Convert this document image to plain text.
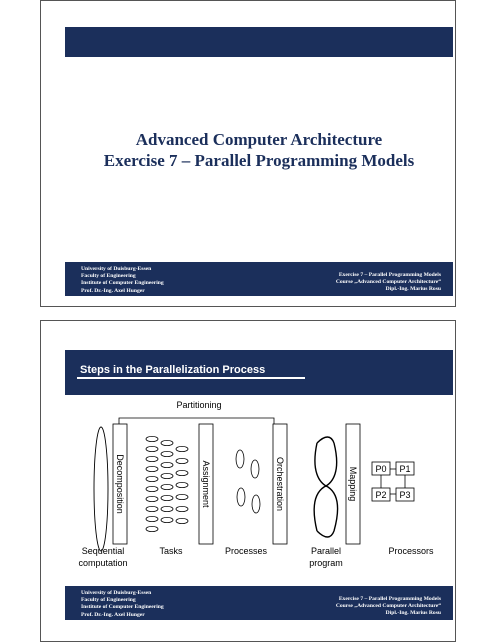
Advanced Computer Architecture
Exercise 7 – Parallel Programming Models
University of Duisburg-Essen
Faculty of Engineering
Institute of Computer Engineering
Prof. Dr.-Ing. Axel Hunger
Exercise 7 – Parallel Programming Models
Course „Advanced Computer Architecture“
Dipl.-Ing. Marius Rosu
Steps in the Parallelization Process
Partitioning
Decomposition	Assignment	Orchestration	Mapping P0 P1
P2 P3
Sequential
computation
Tasks	Processes	Parallel
program
Processors
University of Duisburg-Essen
Faculty of Engineering
Institute of Computer Engineering
Prof. Dr.-Ing. Axel Hunger
Exercise 7 – Parallel Programming Models
Course „Advanced Computer Architecture“
Dipl.-Ing. Marius Rosu
